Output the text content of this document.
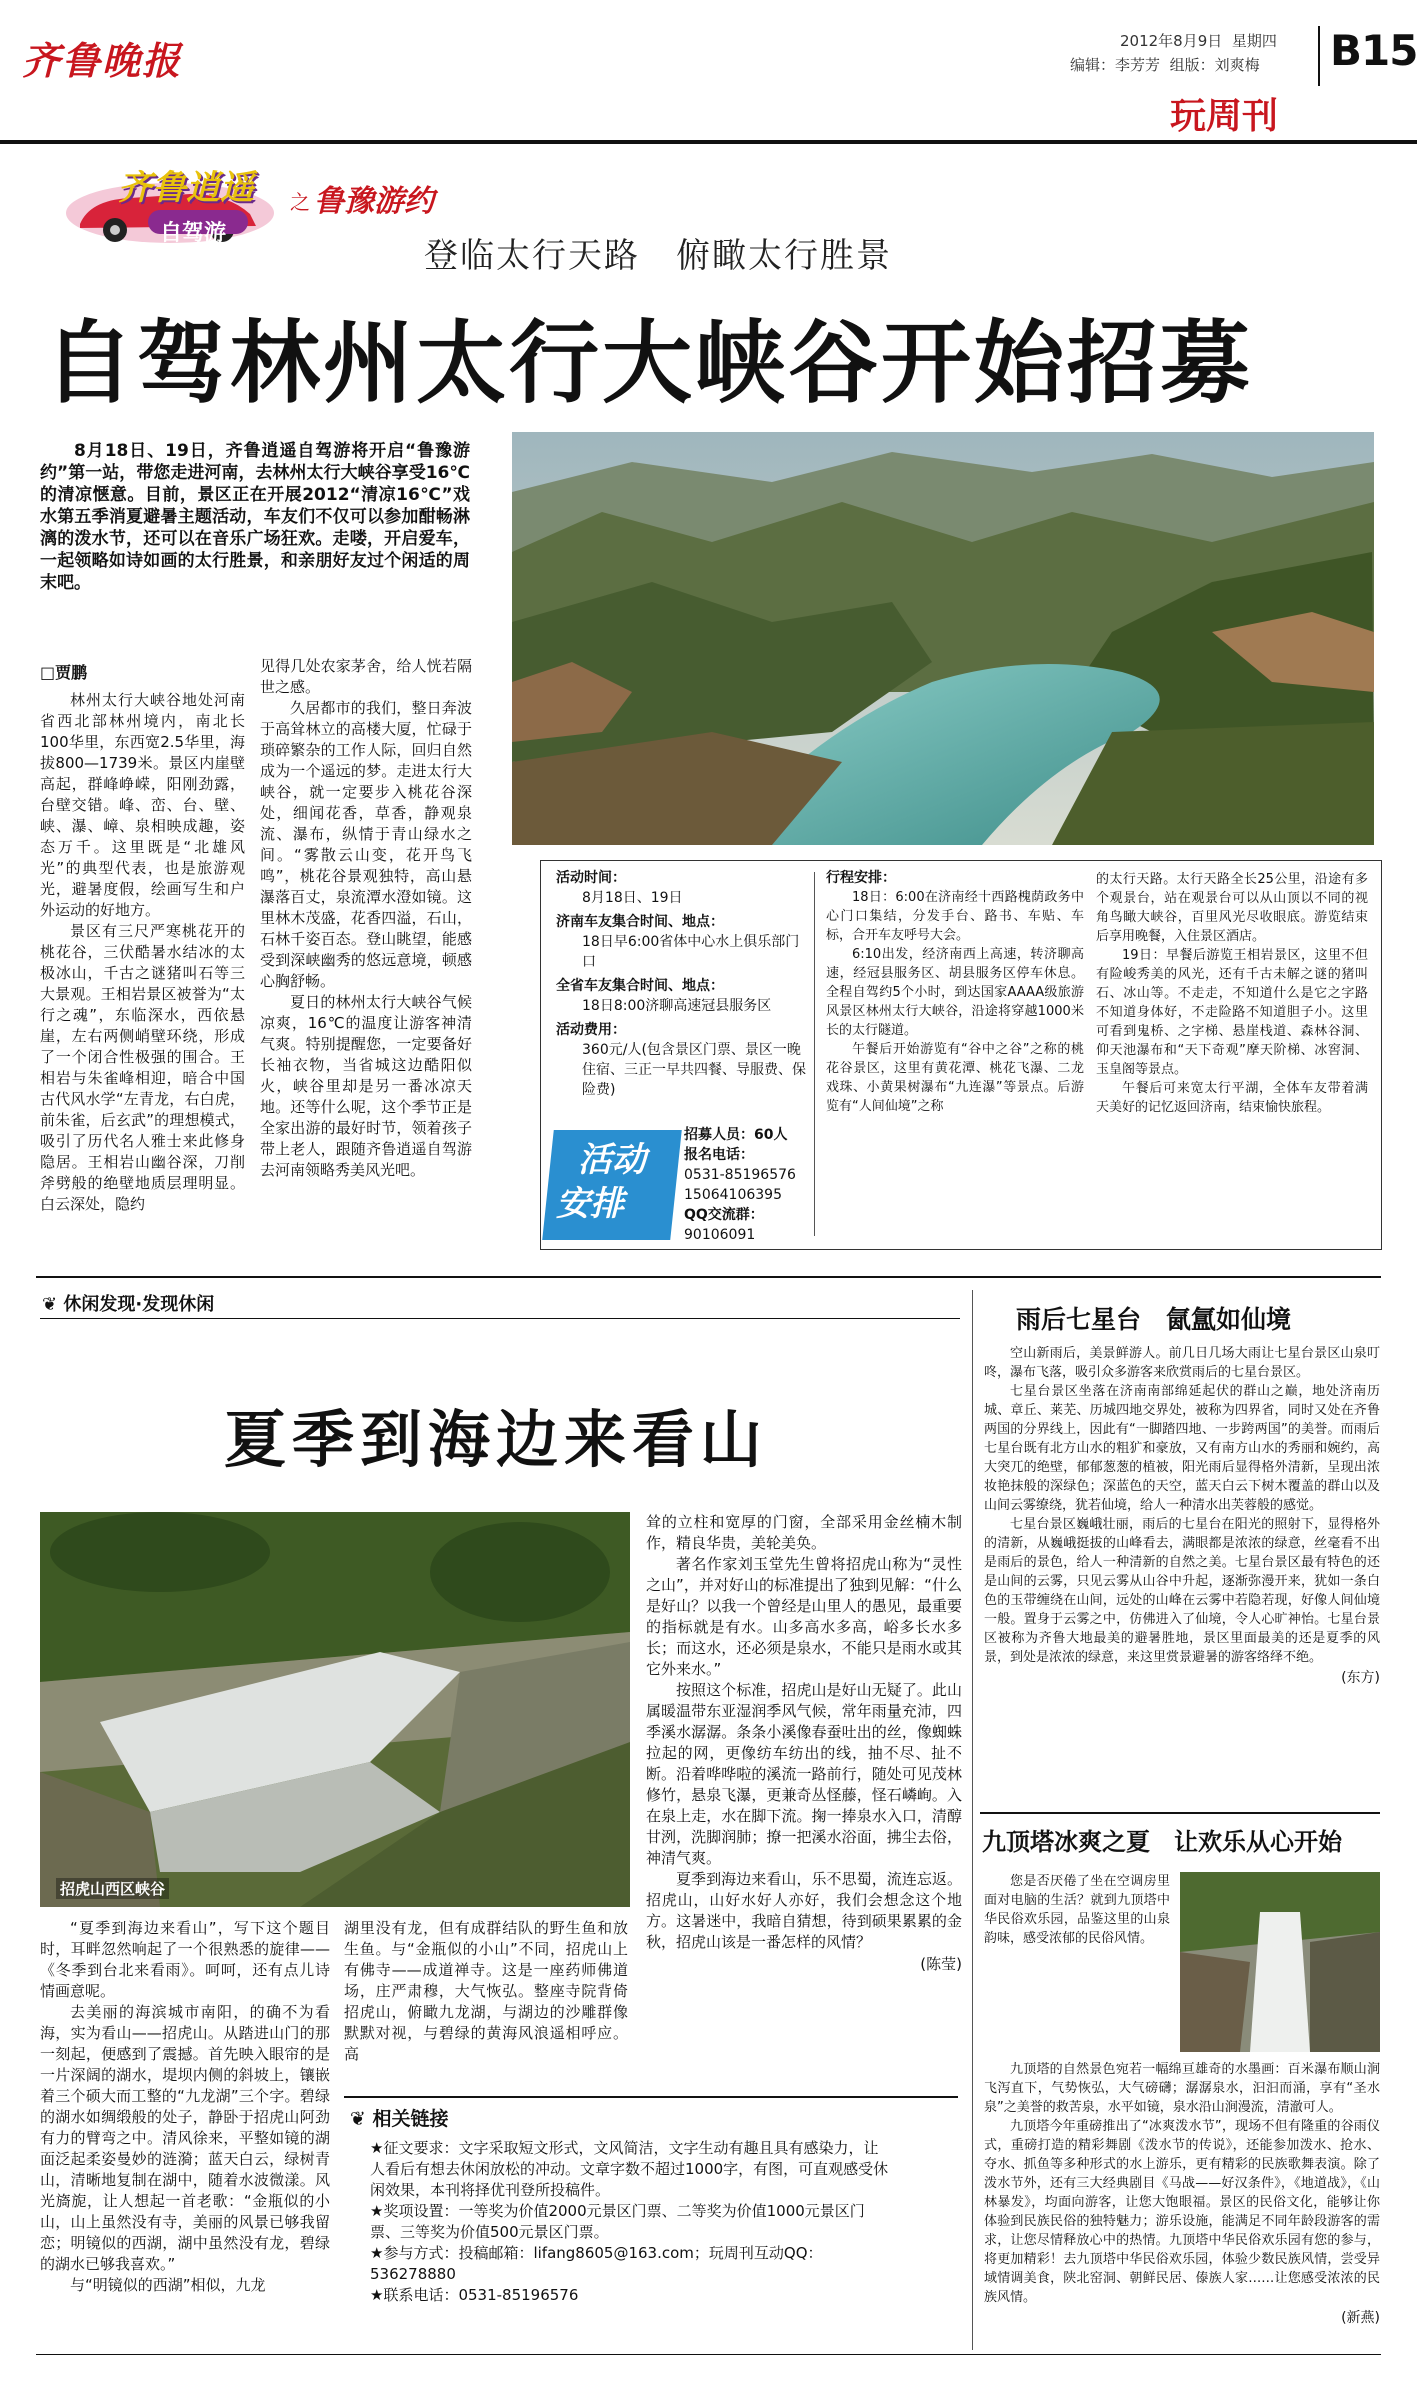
齐鲁晚报	2012年8月9日 星期四
编辑：李芳芳 组版：刘爽梅 B15
玩周刊
齐鲁逍遥
自驾游
之 鲁豫游约
登临太行天路　俯瞰太行胜景
自驾林州太行大峡谷开始招募

8月18日、19日，齐鲁逍遥自驾游将开启“鲁豫游约”第一站，带您走进河南，去林州太行大峡谷享受16℃的清凉惬意。目前，景区正在开展2012“清凉16℃”戏水第五季消夏避暑主题活动，车友们不仅可以参加酣畅淋漓的泼水节，还可以在音乐广场狂欢。走喽，开启爱车，一起领略如诗如画的太行胜景，和亲朋好友过个闲适的周末吧。

□贾鹏

林州太行大峡谷地处河南省西北部林州境内，南北长100华里，东西宽2.5华里，海拔800—1739米。景区内崖壁高起，群峰峥嵘，阳刚劲露，台壁交错。峰、峦、台、壁、峡、瀑、嶂、泉相映成趣，姿态万千。这里既是“北雄风光”的典型代表，也是旅游观光，避暑度假，绘画写生和户外运动的好地方。

景区有三尺严寒桃花开的桃花谷，三伏酷暑水结冰的太极冰山，千古之谜猪叫石等三大景观。王相岩景区被誉为“太行之魂”，东临深水，西依悬崖，左右两侧峭壁环绕，形成了一个闭合性极强的围合。王相岩与朱雀峰相迎，暗合中国古代风水学“左青龙，右白虎，前朱雀，后玄武”的理想模式，吸引了历代名人雅士来此修身隐居。王相岩山幽谷深，刀削斧劈般的绝壁地质层理明显。白云深处，隐约

见得几处农家茅舍，给人恍若隔世之感。

久居都市的我们，整日奔波于高耸林立的高楼大厦，忙碌于琐碎繁杂的工作人际，回归自然成为一个遥远的梦。走进太行大峡谷，就一定要步入桃花谷深处，细闻花香，草香，静观泉流、瀑布，纵情于青山绿水之间。“雾散云山变，花开鸟飞鸣”，桃花谷景观独特，高山悬瀑落百丈，泉流潭水澄如镜。这里林木茂盛，花香四溢，石山，石林千姿百态。登山眺望，能感受到深峡幽秀的悠远意境，顿感心胸舒畅。

夏日的林州太行大峡谷气候凉爽，16℃的温度让游客神清气爽。特别提醒您，一定要备好长袖衣物，当省城这边酷阳似火，峡谷里却是另一番冰凉天地。还等什么呢，这个季节正是全家出游的最好时节，领着孩子带上老人，跟随齐鲁逍遥自驾游去河南领略秀美风光吧。	活动
安排
活动时间：
8月18日、19日
济南车友集合时间、地点：
18日早6:00省体中心水上俱乐部门口
全省车友集合时间、地点：
18日8:00济聊高速冠县服务区
活动费用：
360元/人(包含景区门票、景区一晚住宿、三正一早共四餐、导服费、保险费)
招募人员：60人
报名电话：
0531-85196576
15064106395
QQ交流群：
90106091
行程安排：

18日：6:00在济南经十西路槐荫政务中心门口集结，分发手台、路书、车贴、车标，合开车友呼号大会。

6:10出发，经济南西上高速，转济聊高速，经冠县服务区、胡县服务区停车休息。全程自驾约5个小时，到达国家AAAA级旅游风景区林州太行大峡谷，沿途将穿越1000米长的太行隧道。

午餐后开始游览有“谷中之谷”之称的桃花谷景区，这里有黄花潭、桃花飞瀑、二龙戏珠、小黄果树瀑布“九连瀑”等景点。后游览有“人间仙境”之称

的太行天路。太行天路全长25公里，沿途有多个观景台，站在观景台可以从山顶以不同的视角鸟瞰大峡谷，百里风光尽收眼底。游览结束后享用晚餐，入住景区酒店。

19日：早餐后游览王相岩景区，这里不但有险峻秀美的风光，还有千古未解之谜的猪叫石、冰山等。不走走，不知道什么是它之字路不知道身体好，不走险路不知道胆子小。这里可看到鬼桥、之字梯、悬崖栈道、森林谷洞、仰天池瀑布和“天下奇观”摩天阶梯、冰窖洞、玉皇阁等景点。

午餐后可来宽太行平湖，全体车友带着满天美好的记忆返回济南，结束愉快旅程。

❦ 休闲发现·发现休闲
夏季到海边来看山
招虎山西区峡谷

“夏季到海边来看山”，写下这个题目时，耳畔忽然响起了一个很熟悉的旋律——《冬季到台北来看雨》。呵呵，还有点儿诗情画意呢。

去美丽的海滨城市南阳，的确不为看海，实为看山——招虎山。从踏进山门的那一刻起，便感到了震撼。首先映入眼帘的是一片深阔的湖水，堤坝内侧的斜坡上，镶嵌着三个硕大而工整的“九龙湖”三个字。碧绿的湖水如绸缎般的处子，静卧于招虎山阿劲有力的臂弯之中。清风徐来，平整如镜的湖面泛起柔姿曼妙的涟漪；蓝天白云，绿树青山，清晰地复制在湖中，随着水波微漾。风光旖旎，让人想起一首老歌：“金瓶似的小山，山上虽然没有寺，美丽的风景已够我留恋；明镜似的西湖，湖中虽然没有龙，碧绿的湖水已够我喜欢。”

与“明镜似的西湖”相似，九龙

湖里没有龙，但有成群结队的野生鱼和放生鱼。与“金瓶似的小山”不同，招虎山上有佛寺——成道禅寺。这是一座药师佛道场，庄严肃穆，大气恢弘。整座寺院背倚招虎山，俯瞰九龙湖，与湖边的沙雕群像默默对视，与碧绿的黄海风浪遥相呼应。高

耸的立柱和宽厚的门窗，全部采用金丝楠木制作，精良华贵，美轮美奂。

著名作家刘玉堂先生曾将招虎山称为“灵性之山”，并对好山的标准提出了独到见解：“什么是好山？以我一个曾经是山里人的愚见，最重要的指标就是有水。山多高水多高，峪多长水多长；而这水，还必须是泉水，不能只是雨水或其它外来水。”

按照这个标准，招虎山是好山无疑了。此山属暖温带东亚湿润季风气候，常年雨量充沛，四季溪水潺潺。条条小溪像春蚕吐出的丝，像蜘蛛拉起的网，更像纺车纺出的线，抽不尽、扯不断。沿着哗哗啦的溪流一路前行，随处可见茂林修竹，悬泉飞瀑，更兼奇丛怪藤，怪石嶙峋。入在泉上走，水在脚下流。掬一捧泉水入口，清醇甘洌，洗脚润肺；撩一把溪水浴面，拂尘去俗，神清气爽。

夏季到海边来看山，乐不思蜀，流连忘返。招虎山，山好水好人亦好，我们会想念这个地方。这暑迷中，我暗自猜想，待到硕果累累的金秋，招虎山该是一番怎样的风情？

(陈莹)
❦ 相关链接
★征文要求：文字采取短文形式，文风简洁，文字生动有趣且具有感染力，让人看后有想去休闲放松的冲动。文章字数不超过1000字，有图，可直观感受休闲效果，本刊将择优刊登所投稿件。
★奖项设置：一等奖为价值2000元景区门票、二等奖为价值1000元景区门票、三等奖为价值500元景区门票。
★参与方式：投稿邮箱：lifang8605@163.com；玩周刊互动QQ：536278880
★联系电话：0531-85196576
雨后七星台　氤氲如仙境

空山新雨后，美景鲜游人。前几日几场大雨让七星台景区山泉叮咚，瀑布飞落，吸引众多游客来欣赏雨后的七星台景区。

七星台景区坐落在济南南部绵延起伏的群山之巅，地处济南历城、章丘、莱芜、历城四地交界处，被称为四界省，同时又处在齐鲁两国的分界线上，因此有“一脚踏四地、一步跨两国”的美誉。而雨后七星台既有北方山水的粗犷和豪放，又有南方山水的秀丽和婉约，高大突兀的绝壁，郁郁葱葱的植被，阳光雨后显得格外清新，呈现出浓妆艳抹般的深绿色；深蓝色的天空，蓝天白云下树木覆盖的群山以及山间云雾缭绕，犹若仙境，给人一种清水出芙蓉般的感觉。

七星台景区巍峨壮丽，雨后的七星台在阳光的照射下，显得格外的清新，从巍峨挺拔的山峰看去，满眼都是浓浓的绿意，丝毫看不出是雨后的景色，给人一种清新的自然之美。七星台景区最有特色的还是山间的云雾，只见云雾从山谷中升起，逐渐弥漫开来，犹如一条白色的玉带缠绕在山间，远处的山峰在云雾中若隐若现，好像人间仙境一般。置身于云雾之中，仿佛进入了仙境，令人心旷神怡。七星台景区被称为齐鲁大地最美的避暑胜地，景区里面最美的还是夏季的风景，到处是浓浓的绿意，来这里赏景避暑的游客络绎不绝。

(东方)
九顶塔冰爽之夏　让欢乐从心开始

您是否厌倦了坐在空调房里面对电脑的生活？就到九顶塔中华民俗欢乐园，品鉴这里的山泉韵味，感受浓郁的民俗风情。

九顶塔的自然景色宛若一幅绵亘雄奇的水墨画：百米瀑布顺山涧飞泻直下，气势恢弘，大气磅礴；潺潺泉水，汩汩而涌，享有“圣水泉”之美誉的救苦泉，水平如镜，泉水沿山涧漫流，清澈可人。

九顶塔今年重磅推出了“冰爽泼水节”，现场不但有隆重的谷雨仪式，重磅打造的精彩舞剧《泼水节的传说》，还能参加泼水、抢水、夺水、抓鱼等多种形式的水上游乐，更有精彩的民族歌舞表演。除了泼水节外，还有三大经典剧目《马战——好汉条件》，《地道战》，《山林暴发》，均面向游客，让您大饱眼福。景区的民俗文化，能够让你体验到民族民俗的独特魅力；游乐设施，能满足不同年龄段游客的需求，让您尽情释放心中的热情。九顶塔中华民俗欢乐园有您的参与，将更加精彩！去九顶塔中华民俗欢乐园，体验少数民族风情，尝受异域情调美食，陕北窑洞、朝鲜民居、傣族人家……让您感受浓浓的民族风情。

(新燕)
